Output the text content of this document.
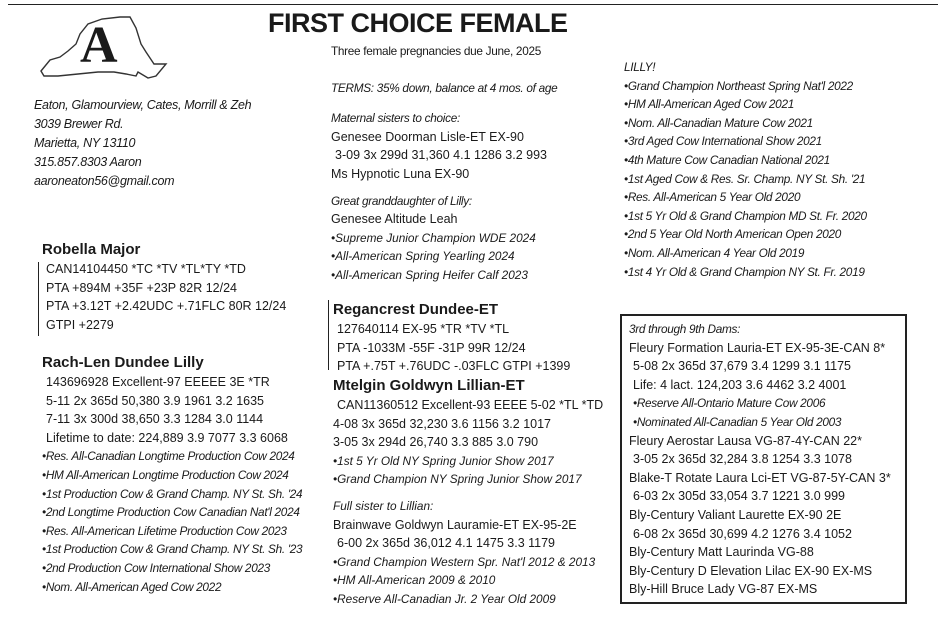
A	FIRST CHOICE FEMALE
Eaton, Glamourview, Cates, Morrill & Zeh
3039 Brewer Rd.
Marietta, NY 13110
315.857.8303 Aaron
aaroneaton56@gmail.com
Robella Major
CAN14104450 *TC *TV *TL*TY *TD
PTA +894M +35F +23P 82R 12/24
PTA +3.12T +2.42UDC +.71FLC 80R 12/24
GTPI +2279
Rach-Len Dundee Lilly
143696928 Excellent-97 EEEEE 3E *TR
5-11 2x 365d 50,380 3.9 1961 3.2 1635
7-11 3x 300d 38,650 3.3 1284 3.0 1144
Lifetime to date: 224,889 3.9 7077 3.3 6068
•Res. All-Canadian Longtime Production Cow 2024
•HM All-American Longtime Production Cow 2024
•1st Production Cow & Grand Champ. NY St. Sh. '24
•2nd Longtime Production Cow Canadian Nat'l 2024
•Res. All-American Lifetime Production Cow 2023
•1st Production Cow & Grand Champ. NY St. Sh. '23
•2nd Production Cow International Show 2023
•Nom. All-American Aged Cow 2022
Three female pregnancies due June, 2025
TERMS: 35% down, balance at 4 mos. of age
Maternal sisters to choice:
Genesee Doorman Lisle-ET EX-90
3-09 3x 299d 31,360 4.1 1286 3.2 993
Ms Hypnotic Luna EX-90
Great granddaughter of Lilly:
Genesee Altitude Leah
•Supreme Junior Champion WDE 2024
•All-American Spring Yearling 2024
•All-American Spring Heifer Calf 2023
Regancrest Dundee-ET
127640114 EX-95 *TR *TV *TL
PTA -1033M -55F -31P 99R 12/24
PTA +.75T +.76UDC -.03FLC GTPI +1399
Mtelgin Goldwyn Lillian-ET
CAN11360512 Excellent-93 EEEE 5-02 *TL *TD
4-08 3x 365d 32,230 3.6 1156 3.2 1017
3-05 3x 294d 26,740 3.3 885 3.0 790
•1st 5 Yr Old NY Spring Junior Show 2017
•Grand Champion NY Spring Junior Show 2017
Full sister to Lillian:
Brainwave Goldwyn Lauramie-ET EX-95-2E
6-00 2x 365d 36,012 4.1 1475 3.3 1179
•Grand Champion Western Spr. Nat'l 2012 & 2013
•HM All-American 2009 & 2010
•Reserve All-Canadian Jr. 2 Year Old 2009
LILLY!
•Grand Champion Northeast Spring Nat'l 2022
•HM All-American Aged Cow 2021
•Nom. All-Canadian Mature Cow 2021
•3rd Aged Cow International Show 2021
•4th Mature Cow Canadian National 2021
•1st Aged Cow & Res. Sr. Champ. NY St. Sh. '21
•Res. All-American 5 Year Old 2020
•1st 5 Yr Old & Grand Champion MD St. Fr. 2020
•2nd 5 Year Old North American Open 2020
•Nom. All-American 4 Year Old 2019
•1st 4 Yr Old & Grand Champion NY St. Fr. 2019
3rd through 9th Dams:
Fleury Formation Lauria-ET EX-95-3E-CAN 8*
5-08 2x 365d 37,679 3.4 1299 3.1 1175
Life: 4 lact. 124,203 3.6 4462 3.2 4001
•Reserve All-Ontario Mature Cow 2006
•Nominated All-Canadian 5 Year Old 2003
Fleury Aerostar Lausa VG-87-4Y-CAN 22*
3-05 2x 365d 32,284 3.8 1254 3.3 1078
Blake-T Rotate Laura Lci-ET VG-87-5Y-CAN 3*
6-03 2x 305d 33,054 3.7 1221 3.0 999
Bly-Century Valiant Laurette EX-90 2E
6-08 2x 365d 30,699 4.2 1276 3.4 1052
Bly-Century Matt Laurinda VG-88
Bly-Century D Elevation Lilac EX-90 EX-MS
Bly-Hill Bruce Lady VG-87 EX-MS
